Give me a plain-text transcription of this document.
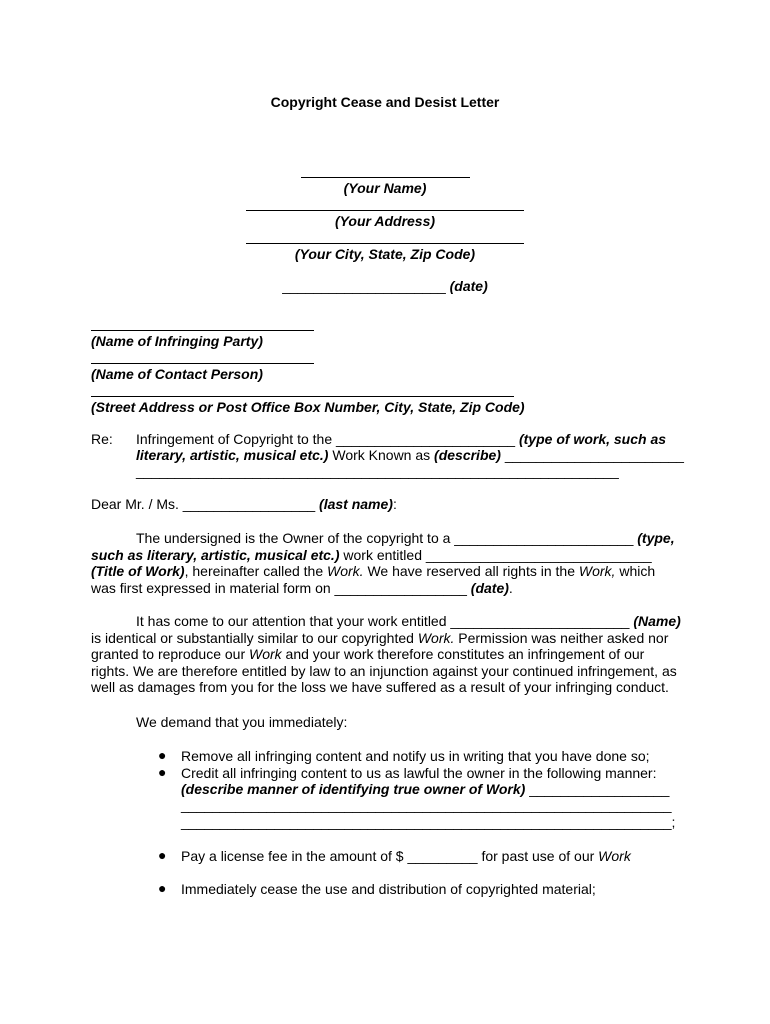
Copyright Cease and Desist Letter
(Your Name)
(Your Address)
(Your City, State, Zip Code)
_____________________ (date)
(Name of Infringing Party)
(Name of Contact Person)
(Street Address or Post Office Box Number, City, State, Zip Code)
Re: Infringement of Copyright to the _______________________ (type of work, such as
literary, artistic, musical etc.) Work Known as (describe) _______________________
______________________________________________________________
Dear Mr. / Ms. _________________ (last name):

The undersigned is the Owner of the copyright to a _______________________ (type, such as literary, artistic, musical etc.) work entitled _____________________________ (Title of Work), hereinafter called the Work. We have reserved all rights in the Work, which was first expressed in material form on _________________ (date).

It has come to our attention that your work entitled _______________________ (Name) is identical or substantially similar to our copyrighted Work. Permission was neither asked nor granted to reproduce our Work and your work therefore constitutes an infringement of our rights. We are therefore entitled by law to an injunction against your continued infringement, as well as damages from you for the loss we have suffered as a result of your infringing conduct.

We demand that you immediately:
● Remove all infringing content and notify us in writing that you have done so;
● Credit all infringing content to us as lawful the owner in the following manner:
(describe manner of identifying true owner of Work) __________________
_______________________________________________________________
_______________________________________________________________;
● Pay a license fee in the amount of $ _________ for past use of our Work
● Immediately cease the use and distribution of copyrighted material;
